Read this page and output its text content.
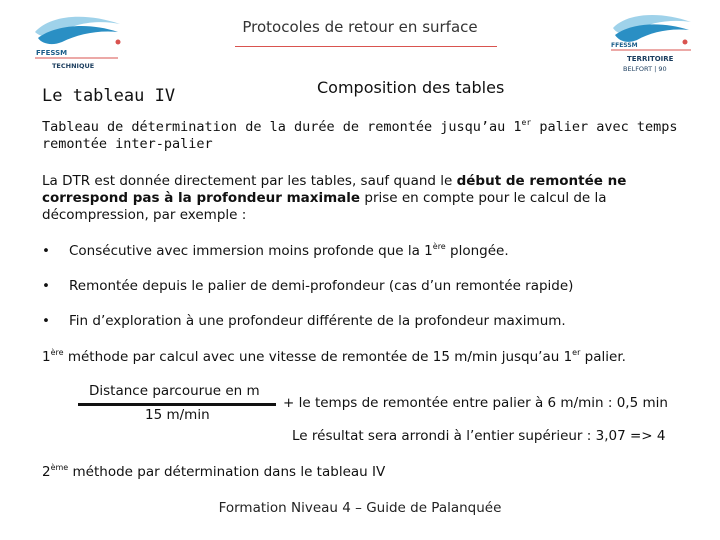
FFESSM
TECHNIQUE
FFESSM
TERRITOIRE
BELFORT | 90
Protocoles de retour en surface
Le tableau IV	Composition des tables

Tableau de détermination de la durée de remontée jusqu’au 1er palier avec temps remontée inter-palier

La DTR est donnée directement par les tables, sauf quand le début de remontée ne correspond pas à la profondeur maximale prise en compte pour le calcul de la décompression, par exemple :

• Consécutive avec immersion moins profonde que la 1ère plongée.
• Remontée depuis le palier de demi-profondeur (cas d’un remontée rapide)
• Fin d’exploration à une profondeur différente de la profondeur maximum.

1ère méthode par calcul avec une vitesse de remontée de 15 m/min jusqu’au 1er palier.

Distance parcourue en m
15 m/min
+ le temps de remontée entre palier à 6 m/min : 0,5 min
Le résultat sera arrondi à l’entier supérieur : 3,07 => 4

2ème méthode par détermination dans le tableau IV

Formation Niveau 4 – Guide de Palanquée
